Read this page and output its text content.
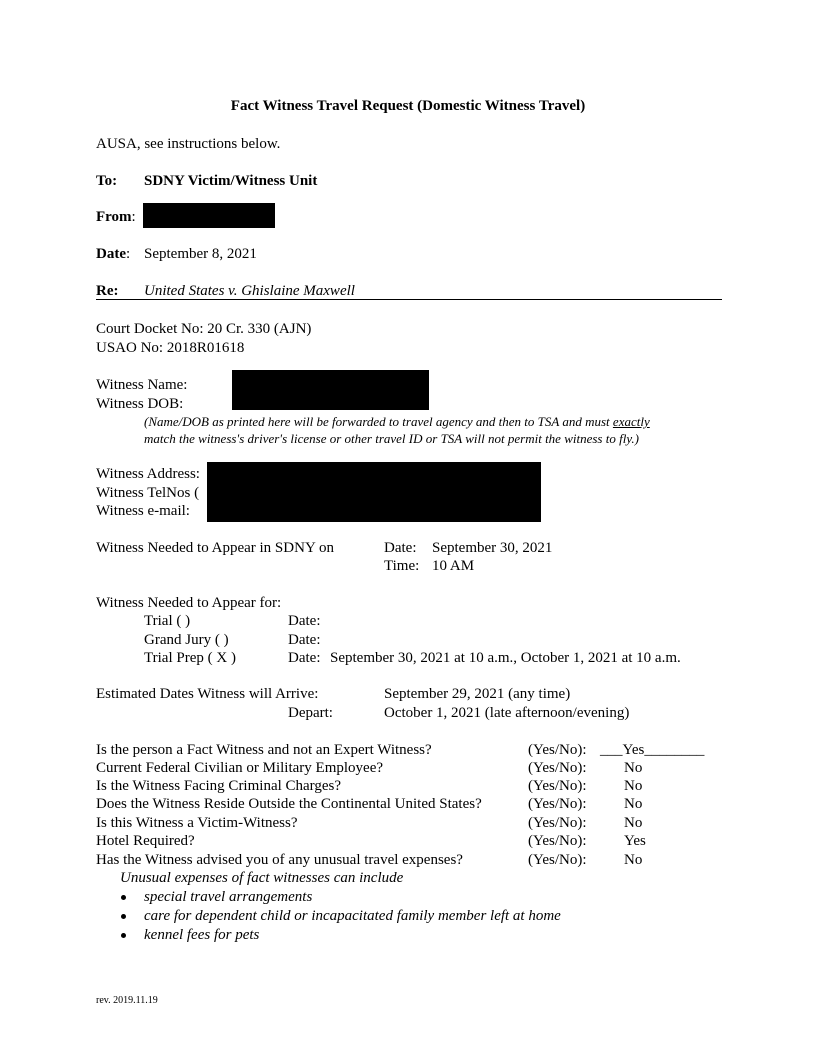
Fact Witness Travel Request (Domestic Witness Travel)
AUSA, see instructions below.
To: SDNY Victim/Witness Unit
From:
Date: September 8, 2021
Re: United States v. Ghislaine Maxwell
Court Docket No: 20 Cr. 330 (AJN)
USAO No: 2018R01618
Witness Name:
Witness DOB:
(Name/DOB as printed here will be forwarded to travel agency and then to TSA and must exactly
match the witness's driver's license or other travel ID or TSA will not permit the witness to fly.)
Witness Address:
Witness TelNos (
Witness e-mail:
Witness Needed to Appear in SDNY on	Date: September 30, 2021
Time: 10 AM
Witness Needed to Appear for:
Trial ( )	Date:
Grand Jury ( )	Date:
Trial Prep ( X )	Date: September 30, 2021 at 10 a.m., October 1, 2021 at 10 a.m.
Estimated Dates Witness will Arrive:	September 29, 2021 (any time)
Depart:	October 1, 2021 (late afternoon/evening)
Is the person a Fact Witness and not an Expert Witness?	(Yes/No): ___Yes________
Current Federal Civilian or Military Employee?	(Yes/No):	No
Is the Witness Facing Criminal Charges?	(Yes/No):	No
Does the Witness Reside Outside the Continental United States?	(Yes/No):	No
Is this Witness a Victim-Witness?	(Yes/No):	No
Hotel Required?	(Yes/No):	Yes
Has the Witness advised you of any unusual travel expenses?	(Yes/No):	No
Unusual expenses of fact witnesses can include
special travel arrangements
care for dependent child or incapacitated family member left at home
kennel fees for pets
rev. 2019.11.19
